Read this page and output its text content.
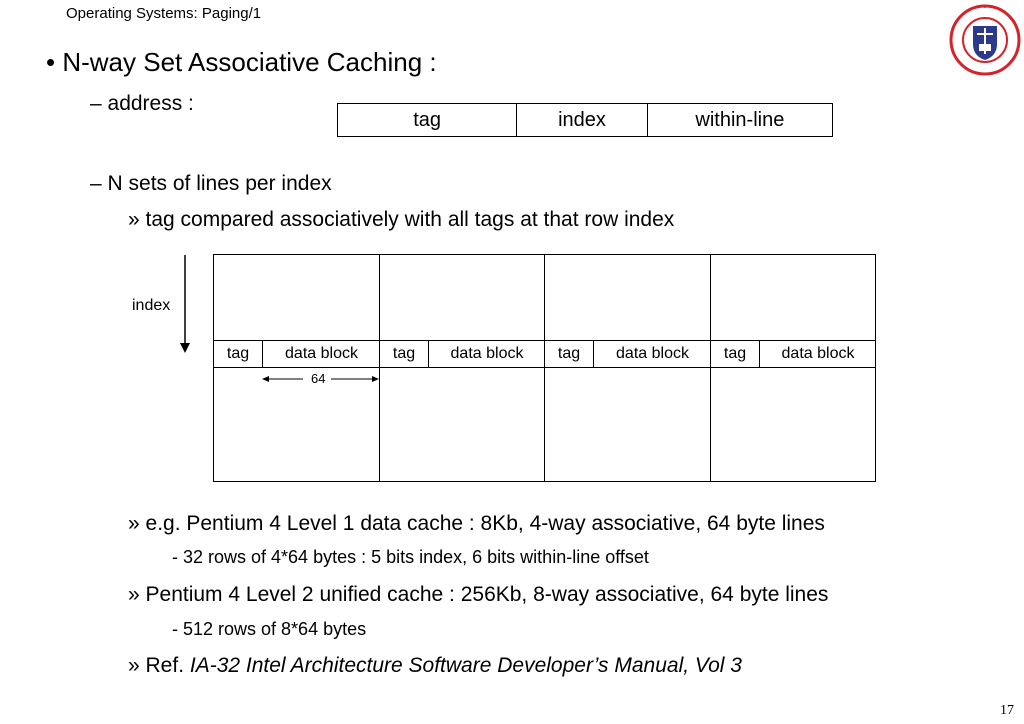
Operating Systems: Paging/1
• N-way Set Associative Caching :
– address :
tag	index	within-line
– N sets of lines per index
» tag compared associatively with all tags at that row index
index
tag	data block	tag	data block	tag	data block	tag	data block
64
» e.g. Pentium 4 Level 1 data cache : 8Kb, 4-way associative, 64 byte lines
- 32 rows of 4*64 bytes : 5 bits index, 6 bits within-line offset
» Pentium 4 Level 2 unified cache : 256Kb, 8-way associative, 64 byte lines
- 512 rows of 8*64 bytes
» Ref. IA-32 Intel Architecture Software Developer’s Manual, Vol 3
17
